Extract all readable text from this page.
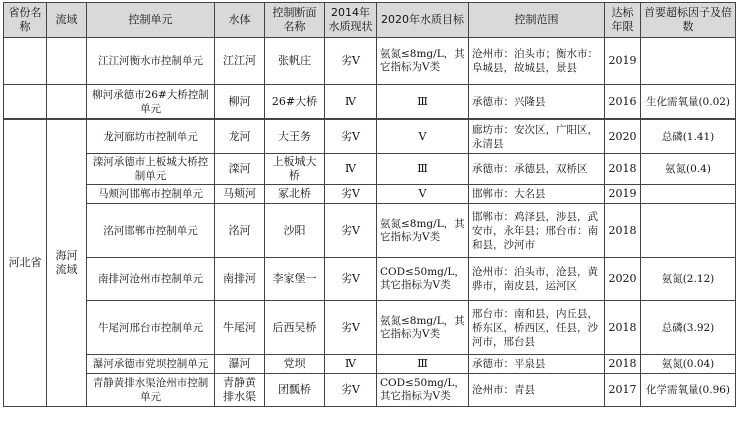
省份名称	流域	控制单元	水体	控制断面名称	2014年水质现状	2020年水质目标	控制范围	达标年限	首要超标因子及倍数
		江江河衡水市控制单元	江江河	张帆庄	劣Ⅴ	氨氮≤8mg/L，其它指标为Ⅴ类	沧州市：泊头市；衡水市：阜城县，故城县，景县	2019	
		柳河承德市26#大桥控制单元	柳河	26#大桥	Ⅳ	Ⅲ	承德市：兴隆县	2016	生化需氧量(0.02)
河北省	海河流域	龙河廊坊市控制单元	龙河	大王务	劣Ⅴ	Ⅴ	廊坊市：安次区，广阳区，永清县	2020	总磷(1.41)
		滦河承德市上板城大桥控制单元	滦河	上板城大桥	Ⅳ	Ⅲ	承德市：承德县，双桥区	2018	氨氮(0.4)
		马颊河邯郸市控制单元	马颊河	冢北桥	劣Ⅴ	Ⅴ	邯郸市：大名县	2019	
		洺河邯郸市控制单元	洺河	沙阳	劣Ⅴ	氨氮≤8mg/L，其它指标为Ⅴ类	邯郸市：鸡泽县，涉县，武安市，永年县；邢台市：南和县，沙河市	2018	
		南排河沧州市控制单元	南排河	李家堡一	劣Ⅴ	COD≤50mg/L，其它指标为Ⅴ类	沧州市：泊头市，沧县，黄骅市，南皮县，运河区	2020	氨氮(2.12)
		牛尾河邢台市控制单元	牛尾河	后西吴桥	劣Ⅴ	氨氮≤8mg/L，其它指标为Ⅴ类	邢台市：南和县，内丘县，桥东区，桥西区，任县，沙河市，邢台县	2018	总磷(3.92)
		瀑河承德市党坝控制单元	瀑河	党坝	Ⅳ	Ⅲ	承德市：平泉县	2018	氨氮(0.04)
		青静黄排水渠沧州市控制单元	青静黄排水渠	团瓢桥	劣Ⅴ	COD≤50mg/L，其它指标为Ⅴ类	沧州市：青县	2017	化学需氧量(0.96)
